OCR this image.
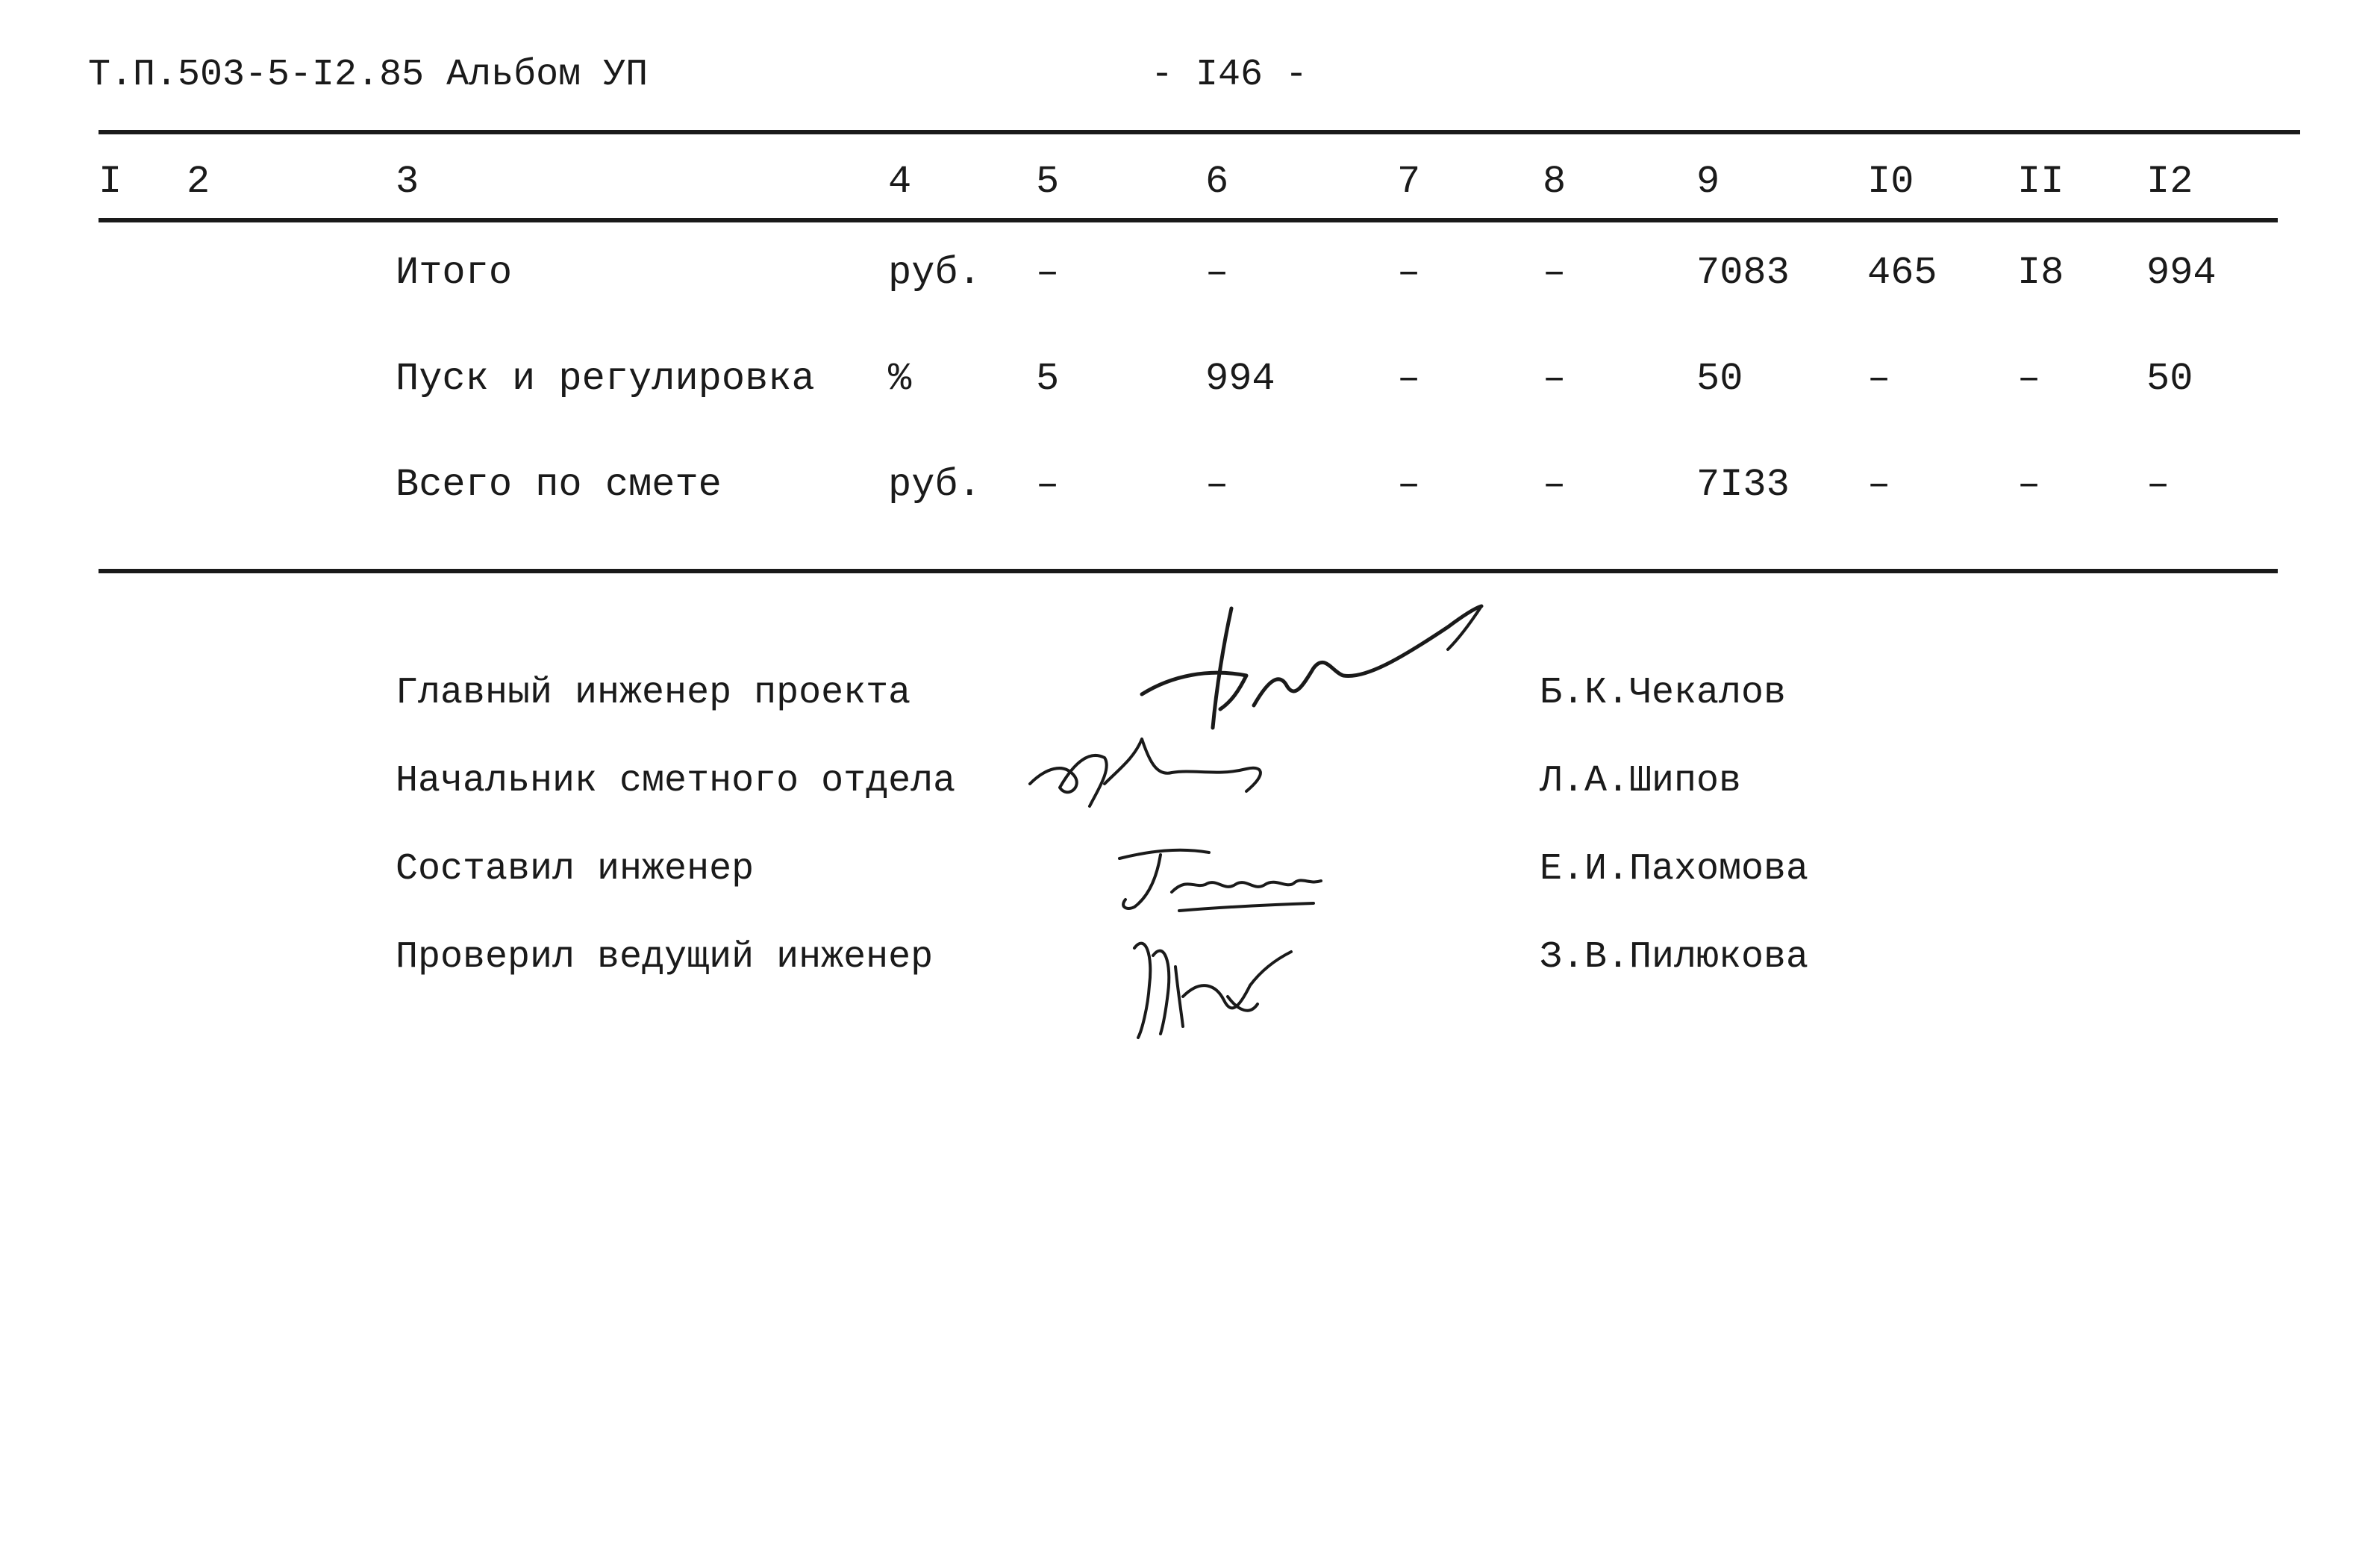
Т.П.503-5-I2.85 Альбом УП	- I46 -
I 2	3	4	5	6	7	8	9	I0	II I2
Итого	руб. –	–	–	–	7083 465 I8 994
Пуск и регулировка %	5	994	–	–	50	–	–	50
Всего по смете	руб. –	–	–	–	7I33 –	–	–
Главный инженер проекта	Б.К.Чекалов
Начальник сметного отдела	Л.А.Шипов
Составил инженер	Е.И.Пахомова
Проверил ведущий инженер	З.В.Пилюкова
